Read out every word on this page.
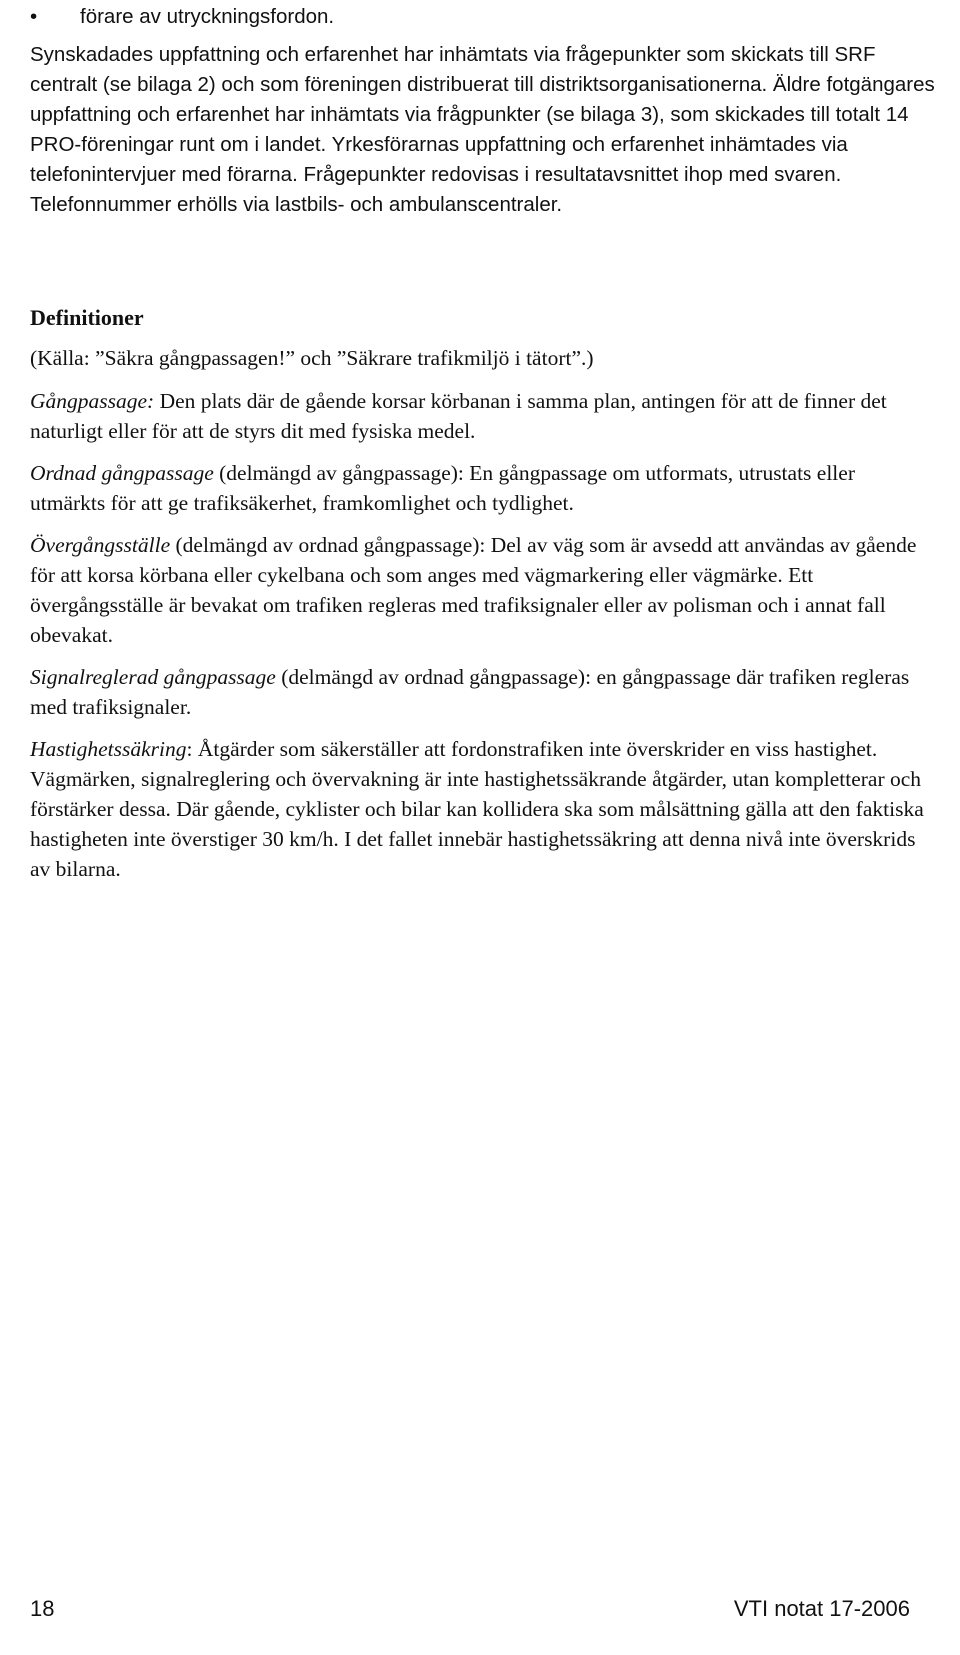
• förare av utryckningsfordon.

Synskadades uppfattning och erfarenhet har inhämtats via frågepunkter som skickats till SRF centralt (se bilaga 2) och som föreningen distribuerat till distriktsorganisationerna. Äldre fotgängares uppfattning och erfarenhet har inhämtats via frågpunkter (se bilaga 3), som skickades till totalt 14 PRO-föreningar runt om i landet. Yrkesförarnas uppfattning och erfarenhet inhämtades via telefonintervjuer med förarna. Frågepunkter redovisas i resultatavsnittet ihop med svaren. Telefonnummer erhölls via lastbils- och ambulanscentraler.

Definitioner

(Källa: ”Säkra gångpassagen!” och ”Säkrare trafikmiljö i tätort”.)

Gångpassage: Den plats där de gående korsar körbanan i samma plan, antingen för att de finner det naturligt eller för att de styrs dit med fysiska medel.

Ordnad gångpassage (delmängd av gångpassage): En gångpassage om utformats, utrustats eller utmärkts för att ge trafiksäkerhet, framkomlighet och tydlighet.

Övergångsställe (delmängd av ordnad gångpassage): Del av väg som är avsedd att användas av gående för att korsa körbana eller cykelbana och som anges med vägmarkering eller vägmärke. Ett övergångsställe är bevakat om trafiken regleras med trafiksignaler eller av polisman och i annat fall obevakat.

Signalreglerad gångpassage (delmängd av ordnad gångpassage): en gångpassage där trafiken regleras med trafiksignaler.

Hastighetssäkring: Åtgärder som säkerställer att fordonstrafiken inte överskrider en viss hastighet. Vägmärken, signalreglering och övervakning är inte hastighetssäkrande åtgärder, utan kompletterar och förstärker dessa. Där gående, cyklister och bilar kan kollidera ska som målsättning gälla att den faktiska hastigheten inte överstiger 30 km/h. I det fallet innebär hastighetssäkring att denna nivå inte överskrids av bilarna.

18	VTI notat 17-2006
